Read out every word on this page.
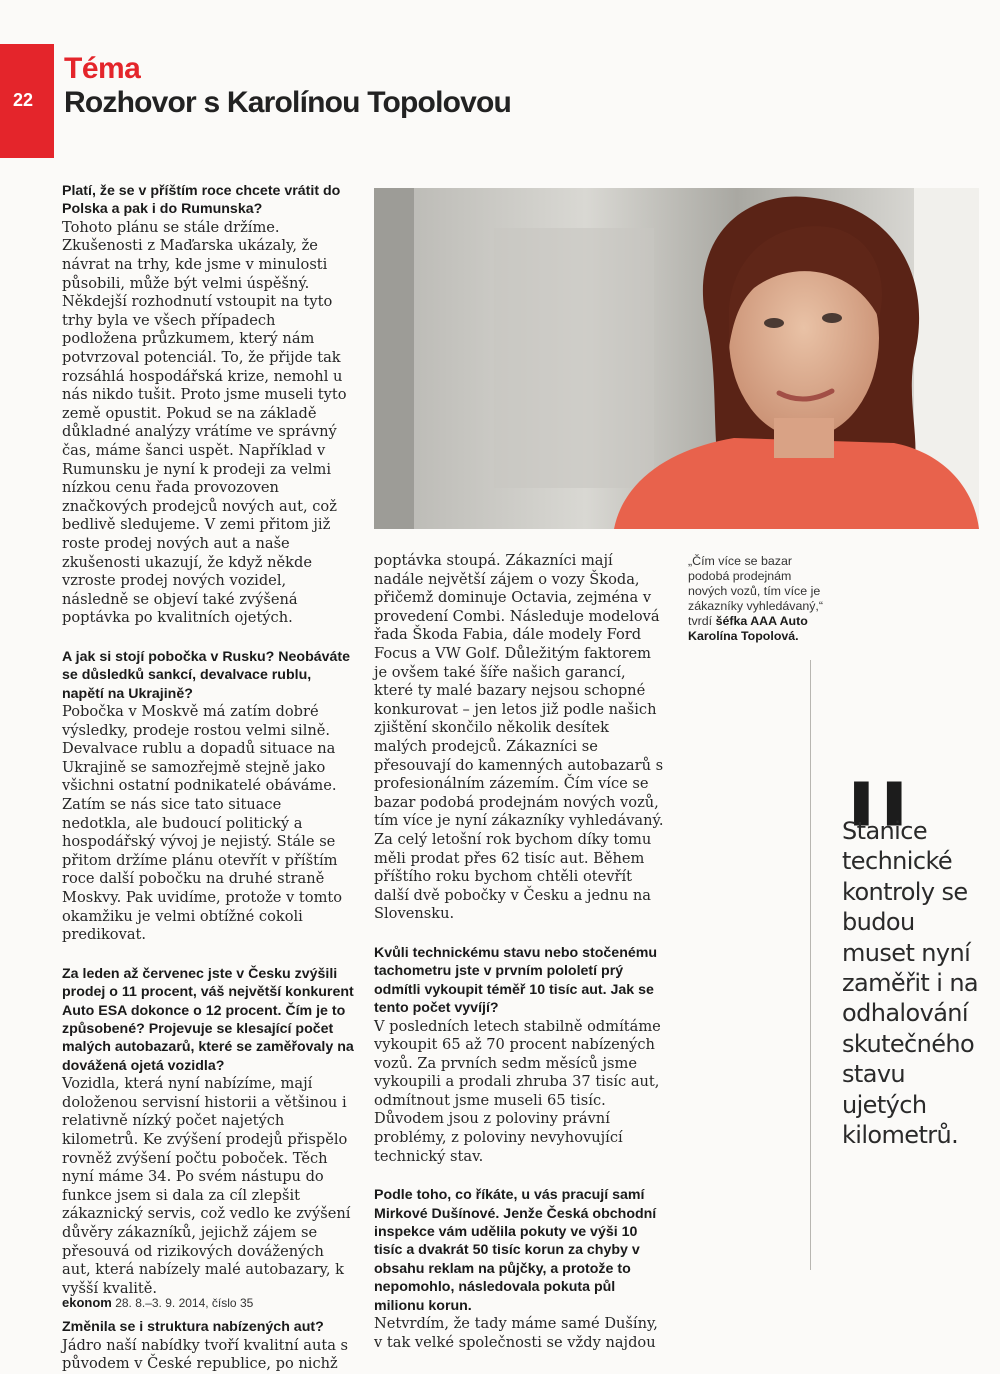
22
Téma
Rozhovor s Karolínou Topolovou

Platí, že se v příštím roce chcete vrátit do Polska a pak i do Rumunska?

Tohoto plánu se stále držíme. Zkušenosti z Maďarska ukázaly, že návrat na trhy, kde jsme v minulosti působili, může být velmi úspěšný. Někdejší rozhodnutí vstoupit na tyto trhy byla ve všech případech podložena průzkumem, který nám potvrzoval potenciál. To, že přijde tak rozsáhlá hospodářská krize, nemohl u nás nikdo tušit. Proto jsme museli tyto země opustit. Pokud se na základě důkladné analýzy vrátíme ve správný čas, máme šanci uspět. Například v Rumunsku je nyní k prodeji za velmi nízkou cenu řada provozoven značkových prodejců nových aut, což bedlivě sledujeme. V zemi přitom již roste prodej nových aut a naše zkušenosti ukazují, že když někde vzroste prodej nových vozidel, následně se objeví také zvýšená poptávka po kvalitních ojetých.

A jak si stojí pobočka v Rusku? Neobáváte se důsledků sankcí, devalvace rublu, napětí na Ukrajině?

Pobočka v Moskvě má zatím dobré výsledky, prodeje rostou velmi silně. Devalvace rublu a dopadů situace na Ukrajině se samozřejmě stejně jako všichni ostatní podnikatelé obáváme. Zatím se nás sice tato situace nedotkla, ale budoucí politický a hospodářský vývoj je nejistý. Stále se přitom držíme plánu otevřít v příštím roce další pobočku na druhé straně Moskvy. Pak uvidíme, protože v tomto okamžiku je velmi obtížné cokoli predikovat.

Za leden až červenec jste v Česku zvýšili prodej o 11 procent, váš největší konkurent Auto ESA dokonce o 12 procent. Čím je to způsobené? Projevuje se klesající počet malých autobazarů, které se zaměřovaly na dovážená ojetá vozidla?

Vozidla, která nyní nabízíme, mají doloženou servisní historii a většinou i relativně nízký počet najetých kilometrů. Ke zvýšení prodejů přispělo rovněž zvýšení počtu poboček. Těch nyní máme 34. Po svém nástupu do funkce jsem si dala za cíl zlepšit zákaznický servis, což vedlo ke zvýšení důvěry zákazníků, jejichž zájem se přesouvá od rizikových dovážených aut, která nabízely malé autobazary, k vyšší kvalitě.

Změnila se i struktura nabízených aut?

Jádro naší nabídky tvoří kvalitní auta s původem v České republice, po nichž

poptávka stoupá. Zákazníci mají nadále největší zájem o vozy Škoda, přičemž dominuje Octavia, zejména v provedení Combi. Následuje modelová řada Škoda Fabia, dále modely Ford Focus a VW Golf. Důležitým faktorem je ovšem také šíře našich garancí, které ty malé bazary nejsou schopné konkurovat – jen letos již podle našich zjištění skončilo několik desítek malých prodejců. Zákazníci se přesouvají do kamenných autobazarů s profesionálním zázemím. Čím více se bazar podobá prodejnám nových vozů, tím více je nyní zákazníky vyhledávaný. Za celý letošní rok bychom díky tomu měli prodat přes 62 tisíc aut. Během příštího roku bychom chtěli otevřít další dvě pobočky v Česku a jednu na Slovensku.

Kvůli technickému stavu nebo stočenému tachometru jste v prvním pololetí prý odmítli vykoupit téměř 10 tisíc aut. Jak se tento počet vyvíjí?

V posledních letech stabilně odmítáme vykoupit 65 až 70 procent nabízených vozů. Za prvních sedm měsíců jsme vykoupili a prodali zhruba 37 tisíc aut, odmítnout jsme museli 65 tisíc. Důvodem jsou z poloviny právní problémy, z poloviny nevyhovující technický stav.

Podle toho, co říkáte, u vás pracují samí Mirkové Dušínové. Jenže Česká obchodní inspekce vám udělila pokuty ve výši 10 tisíc a dvakrát 50 tisíc korun za chyby v obsahu reklam na půjčky, a protože to nepomohlo, následovala pokuta půl milionu korun.

Netvrdím, že tady máme samé Dušíny, v tak velké společnosti se vždy najdou

„Čím více se bazar podobá prodejnám nových vozů, tím více je zákazníky vyhledávaný,“ tvrdí šéfka AAA Auto Karolína Topolová.
❚❚
Stanice technické kontroly se budou muset nyní zaměřit i na odhalování skutečného stavu ujetých kilometrů.
ekonom 28. 8.–3. 9. 2014, číslo 35
